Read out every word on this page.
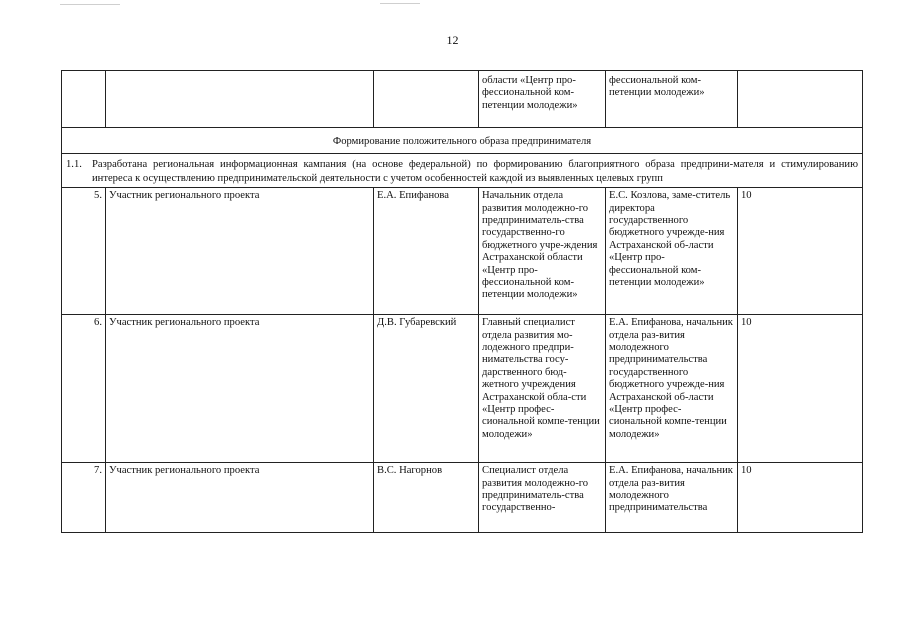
12
			области «Центр про-фессиональной ком-петенции молодежи»	фессиональной ком-петенции молодежи»	
Формирование положительного образа предпринимателя					

1.1. Разработана региональная информационная кампания (на основе федеральной) по формированию благоприятного образа предприни-мателя и стимулированию интереса к осуществлению предпринимательской деятельности с учетом особенностей каждой из выявленных целевых групп					

5.	Участник регионального проекта	Е.А. Епифанова	Начальник отдела развития молодежно-го предприниматель-ства государственно-го бюджетного учре-ждения Астраханской области «Центр про-фессиональной ком-петенции молодежи»	Е.С. Козлова, заме-ститель директора государственного бюджетного учрежде-ния Астраханской об-ласти «Центр про-фессиональной ком-петенции молодежи»	10
6.	Участник регионального проекта	Д.В. Губаревский	Главный специалист отдела развития мо-лодежного предпри-нимательства госу-дарственного бюд-жетного учреждения Астраханской обла-сти «Центр профес-сиональной компе-тенции молодежи»	Е.А. Епифанова, начальник отдела раз-вития молодежного предпринимательства государственного бюджетного учрежде-ния Астраханской об-ласти «Центр профес-сиональной компе-тенции молодежи»	10
7.	Участник регионального проекта	В.С. Нагорнов	Специалист отдела развития молодежно-го предприниматель-ства государственно-	Е.А. Епифанова, начальник отдела раз-вития молодежного предпринимательства	10
